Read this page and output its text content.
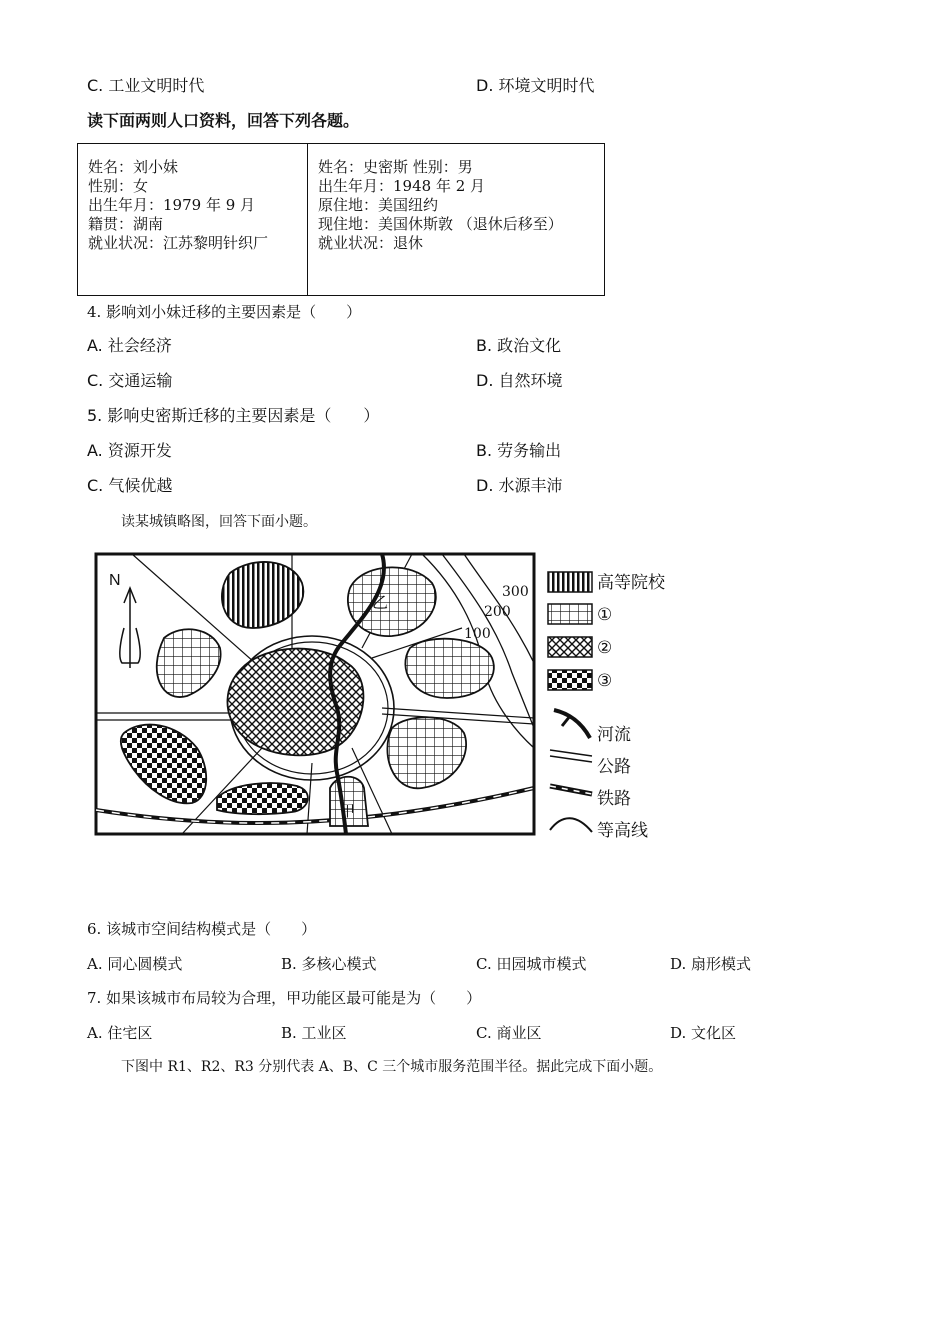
C. 工业文明时代	D. 环境文明时代
读下面两则人口资料，回答下列各题。
姓名：刘小妹
性别：女
出生年月：1979 年 9 月
籍贯：湖南
就业状况：江苏黎明针织厂
姓名：史密斯 性别：男
出生年月：1948 年 2 月
原住地：美国纽约
现住地：美国休斯敦 （退休后移至）
就业状况：退休
4. 影响刘小妹迁移的主要因素是（　　）
A. 社会经济	B. 政治文化
C. 交通运输	D. 自然环境
5. 影响史密斯迁移的主要因素是（　　）
A. 资源开发	B. 劳务输出
C. 气候优越	D. 水源丰沛
读某城镇略图，回答下面小题。
N
乙
甲
300
200
100
高等院校
①
②
③
河流
公路
铁路
等高线
6. 该城市空间结构模式是（　　）
A. 同心圆模式	B. 多核心模式	C. 田园城市模式	D. 扇形模式
7. 如果该城市布局较为合理，甲功能区最可能是为（　　）
A. 住宅区	B. 工业区	C. 商业区	D. 文化区
下图中 R1、R2、R3 分别代表 A、B、C 三个城市服务范围半径。据此完成下面小题。
